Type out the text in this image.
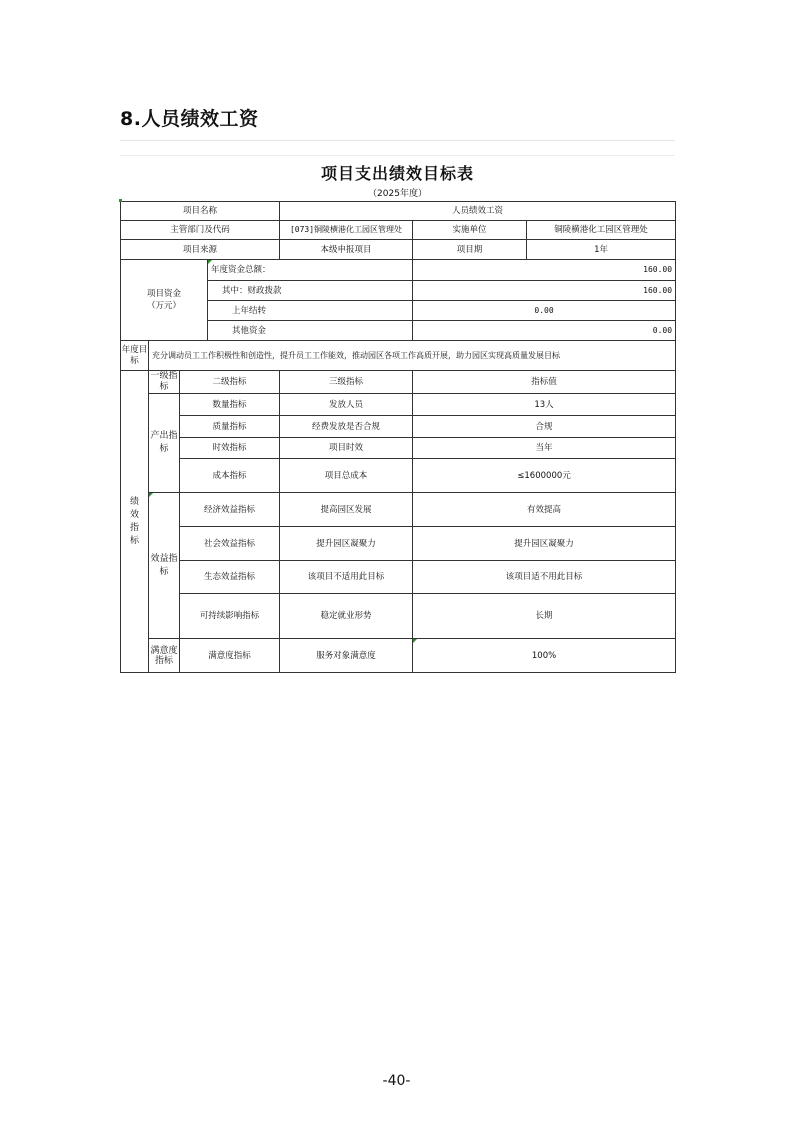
8.人员绩效工资
项目支出绩效目标表
（2025年度）
项目名称				人员绩效工资		
主管部门及代码				[073]铜陵横港化工园区管理处	实施单位	铜陵横港化工园区管理处
项目来源				本级申报项目	项目期	1年

项目资金
（万元）			年度资金总额：		160.00	
			其中：财政拨款		160.00	
			上年结转		0.00	
			其他资金		0.00	
年度目标	充分调动员工工作积极性和创造性，提升员工工作能效，推动园区各项工作高质开展，助力园区实现高质量发展目标					

绩
效
指
标	一级指标	二级指标		三级指标	指标值	
	产出指标	数量指标		发放人员	13人	
		质量指标		经费发放是否合规	合规	
		时效指标		项目时效	当年	
		成本指标		项目总成本	≤1600000元	
	效益指标	经济效益指标		提高园区发展	有效提高	
		社会效益指标		提升园区凝聚力	提升园区凝聚力	
		生态效益指标		该项目不适用此目标	该项目适不用此目标	
		可持续影响指标		稳定就业形势	长期	
	满意度指标	满意度指标		服务对象满意度	100%	
-40-
